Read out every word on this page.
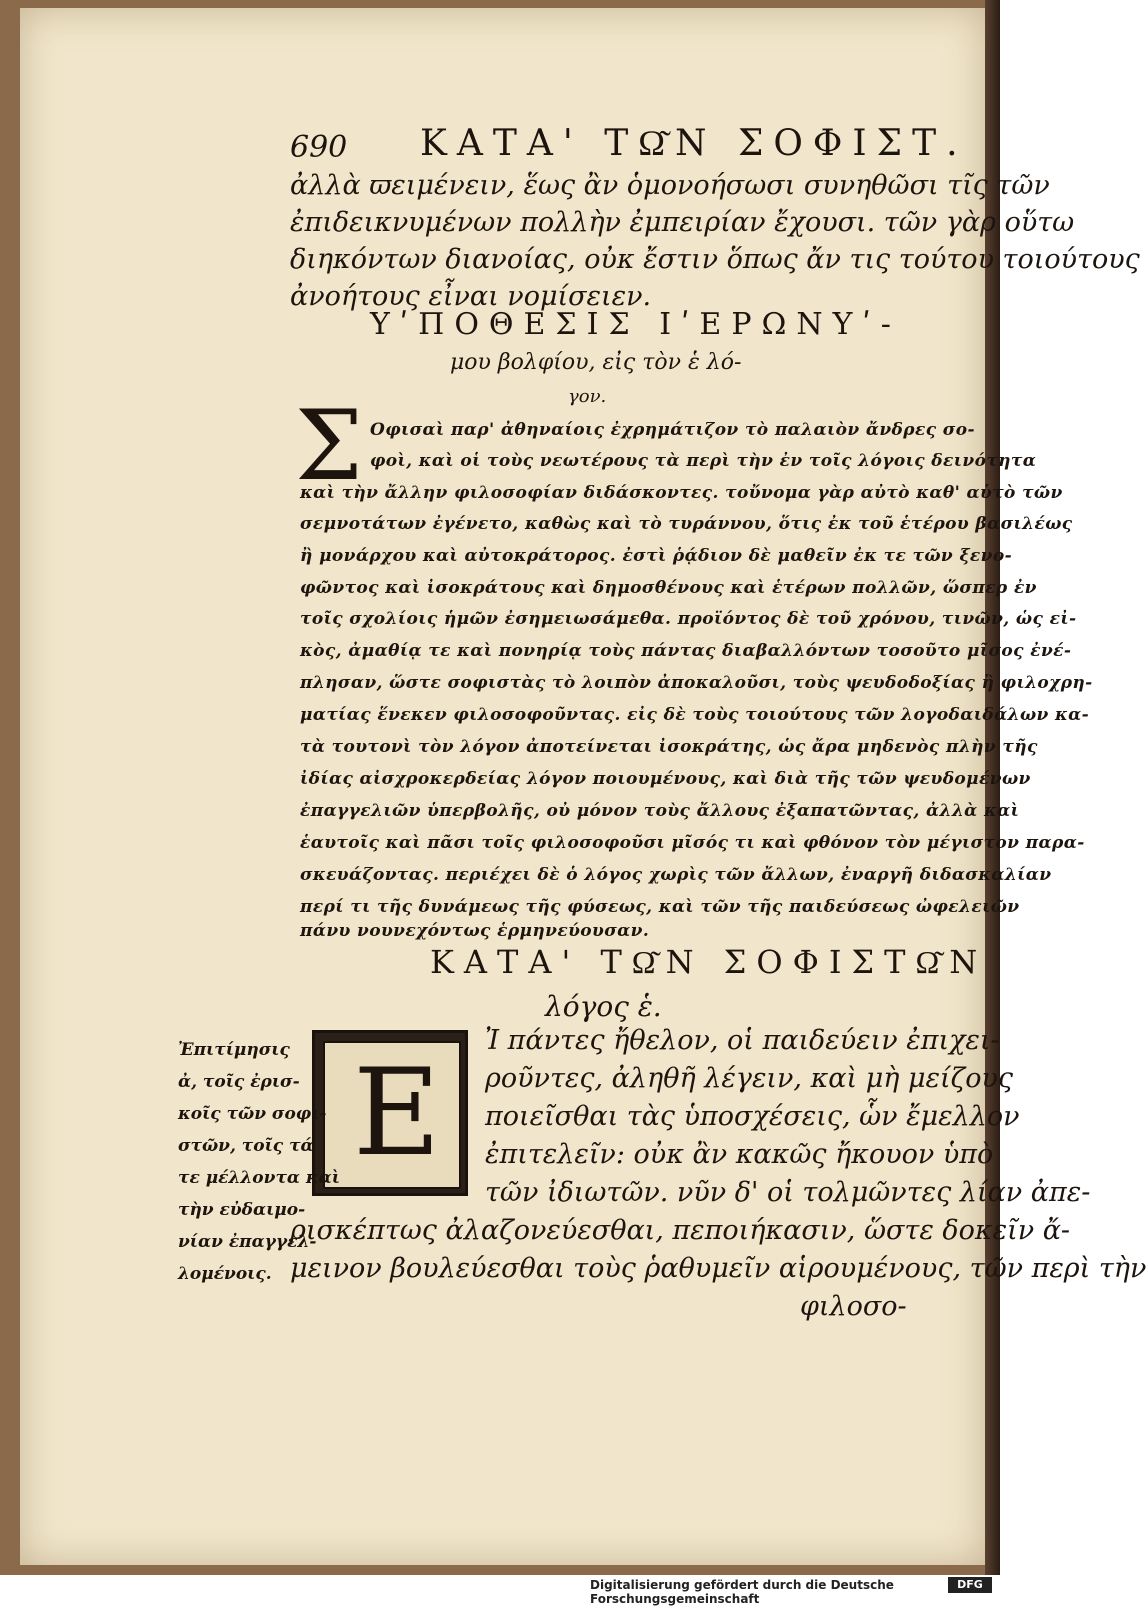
690 ΚΑΤΑ' ΤΩ͂Ν ΣΟΦΙΣΤ.
ἀλλὰ ϖειμένειν, ἕως ἂν ὁμονοήσωσι συνηθῶσι τῖς τῶν
ἐπιδεικνυμένων πολλὴν ἐμπειρίαν ἔχουσι. τῶν γὰρ οὕτω
διηκόντων διανοίας, οὐκ ἔστιν ὅπως ἄν τις τούτου τοιούτους
ἀνοήτους εἶναι νομίσειεν.
ΥʹΠΟΘΕΣΙΣ ΙʹΕΡΩΝΥʹ-
μου βολφίου, εἰς τὸν ἑ λό-
γον.
Σ Οφισαὶ παρ' ἀθηναίοις ἐχρημάτιζον τὸ παλαιὸν ἄνδρες σο-
φοὶ, καὶ οἱ τοὺς νεωτέρους τὰ περὶ τὴν ἐν τοῖς λόγοις δεινότητα
καὶ τὴν ἄλλην φιλοσοφίαν διδάσκοντες. τοὔνομα γὰρ αὐτὸ καθ' αὑτὸ τῶν
σεμνοτάτων ἐγένετο, καθὼς καὶ τὸ τυράννου, ὅτις ἐκ τοῦ ἑτέρου βασιλέως
ἢ μονάρχου καὶ αὐτοκράτορος. ἐστὶ ῥᾴδιον δὲ μαθεῖν ἐκ τε τῶν ξενο-
φῶντος καὶ ἰσοκράτους καὶ δημοσθένους καὶ ἑτέρων πολλῶν, ὥσπερ ἐν
τοῖς σχολίοις ἡμῶν ἐσημειωσάμεθα. προϊόντος δὲ τοῦ χρόνου, τινῶν, ὡς εἰ-
κὸς, ἀμαθίᾳ τε καὶ πονηρίᾳ τοὺς πάντας διαβαλλόντων τοσοῦτο μῖσος ἐνέ-
πλησαν, ὥστε σοφιστὰς τὸ λοιπὸν ἀποκαλοῦσι, τοὺς ψευδοδοξίας ἢ φιλοχρη-
ματίας ἕνεκεν φιλοσοφοῦντας. εἰς δὲ τοὺς τοιούτους τῶν λογοδαιδάλων κα-
τὰ τουτονὶ τὸν λόγον ἀποτείνεται ἰσοκράτης, ὡς ἄρα μηδενὸς πλὴν τῆς
ἰδίας αἰσχροκερδείας λόγον ποιουμένους, καὶ διὰ τῆς τῶν ψευδομένων
ἐπαγγελιῶν ὑπερβολῆς, οὐ μόνον τοὺς ἄλλους ἐξαπατῶντας, ἀλλὰ καὶ
ἑαυτοῖς καὶ πᾶσι τοῖς φιλοσοφοῦσι μῖσός τι καὶ φθόνον τὸν μέγιστον παρα-
σκευάζοντας. περιέχει δὲ ὁ λόγος χωρὶς τῶν ἄλλων, ἐναργῆ διδασκαλίαν
περί τι τῆς δυνάμεως τῆς φύσεως, καὶ τῶν τῆς παιδεύσεως ὠφελειῶν
πάνυ νουνεχόντως ἑρμηνεύουσαν.
ΚΑΤΑ' ΤΩ͂Ν ΣΟΦΙΣΤΩ͂Ν
λόγος ἑ.
Ε
Ἰ πάντες ἤθελον, οἱ παιδεύειν ἐπιχει-
ροῦντες, ἀληθῆ λέγειν, καὶ μὴ μείζους
ποιεῖσθαι τὰς ὑποσχέσεις, ὧν ἔμελλον
ἐπιτελεῖν: οὐκ ἂν κακῶς ἤκουον ὑπὸ
τῶν ἰδιωτῶν. νῦν δ' οἱ τολμῶντες λίαν ἀπε-
ρισκέπτως ἀλαζονεύεσθαι, πεποιήκασιν, ὥστε δοκεῖν ἄ-
μεινον βουλεύεσθαι τοὺς ῥαθυμεῖν αἱρουμένους, τῶν περὶ τὴν
φιλοσο-
Ἐπιτίμησις
ἀ, τοῖς ἐρισ-
κοῖς τῶν σοφι-
στῶν, τοῖς τά
τε μέλλοντα καὶ
τὴν εὐδαιμο-
νίαν ἐπαγγελ-
λομένοις.
Digitalisierung gefördert durch die Deutsche Forschungsgemeinschaft
DFG
